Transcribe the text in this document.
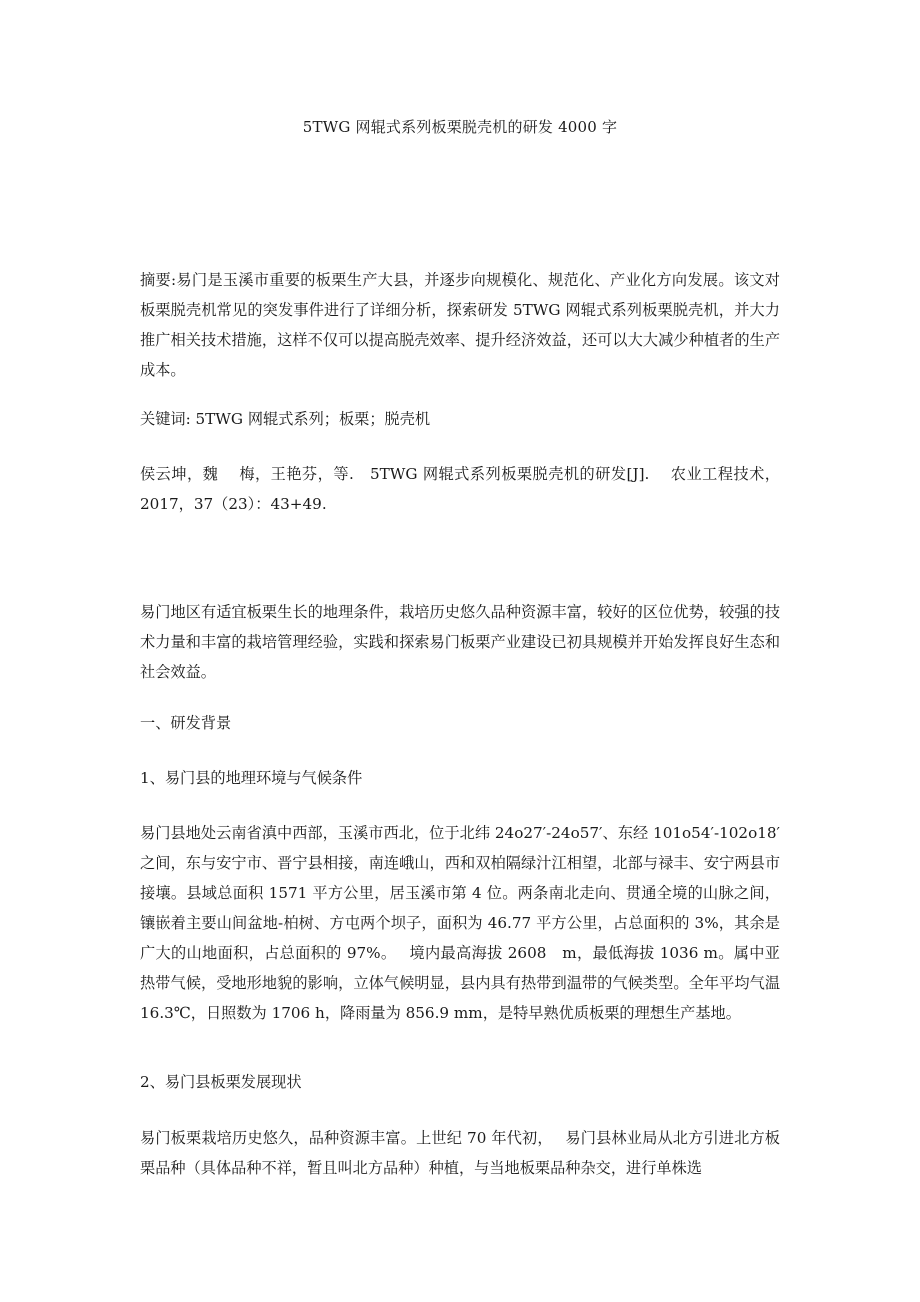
5TWG 网辊式系列板栗脱壳机的研发 4000 字

摘要:易门是玉溪市重要的板栗生产大县，并逐步向规模化、规范化、产业化方向发展。该文对板栗脱壳机常见的突发事件进行了详细分析，探索研发 5TWG 网辊式系列板栗脱壳机，并大力推广相关技术措施，这样不仅可以提高脱壳效率、提升经济效益，还可以大大减少种植者的生产成本。

关键词: 5TWG 网辊式系列；板栗；脱壳机

侯云坤，魏　 梅，王艳芬，等.　5TWG 网辊式系列板栗脱壳机的研发[J].　 农业工程技术，2017，37（23）：43+49.

易门地区有适宜板栗生长的地理条件，栽培历史悠久品种资源丰富，较好的区位优势，较强的技术力量和丰富的栽培管理经验，实践和探索易门板栗产业建设已初具规模并开始发挥良好生态和社会效益。

一、研发背景

1、易门县的地理环境与气候条件

易门县地处云南省滇中西部，玉溪市西北，位于北纬 24o27′-24o57′、东经 101o54′-102o18′之间，东与安宁市、晋宁县相接，南连峨山，西和双柏隔绿汁江相望，北部与禄丰、安宁两县市接壤。县域总面积 1571 平方公里，居玉溪市第 4 位。两条南北走向、贯通全境的山脉之间，镶嵌着主要山间盆地-柏树、方屯两个坝子，面积为 46.77 平方公里，占总面积的 3%，其余是广大的山地面积，占总面积的 97%。　 境内最高海拔 2608　m，最低海拔 1036 m。属中亚热带气候，受地形地貌的影响，立体气候明显，县内具有热带到温带的气候类型。全年平均气温 16.3℃，日照数为 1706 h，降雨量为 856.9 mm，是特早熟优质板栗的理想生产基地。

2、易门县板栗发展现状

易门板栗栽培历史悠久，品种资源丰富。上世纪 70 年代初，　 易门县林业局从北方引进北方板栗品种（具体品种不祥，暂且叫北方品种）种植，与当地板栗品种杂交，进行单株选
